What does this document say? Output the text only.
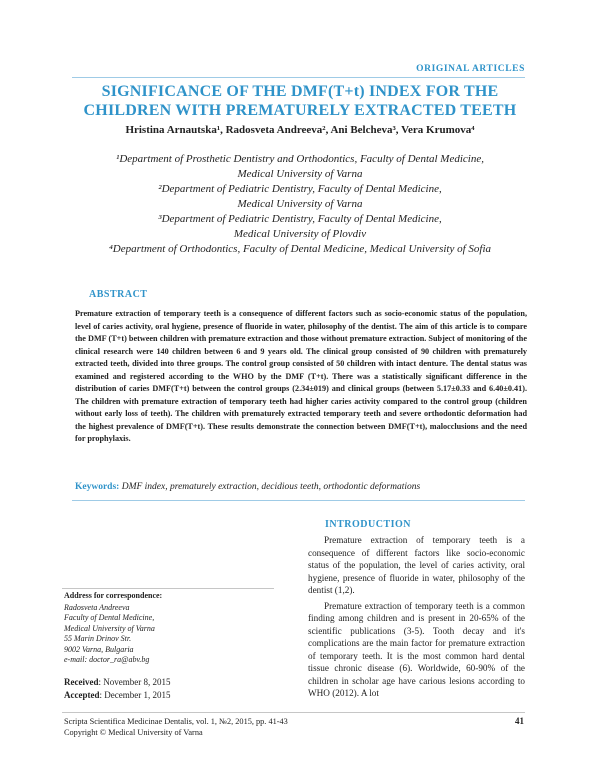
ORIGINAL ARTICLES
SIGNIFICANCE OF THE DMF(T+t) INDEX FOR THE
CHILDREN WITH PREMATURELY EXTRACTED TEETH
Hristina Arnautska¹, Radosveta Andreeva², Ani Belcheva³, Vera Krumova⁴
¹Department of Prosthetic Dentistry and Orthodontics, Faculty of Dental Medicine,
Medical University of Varna
²Department of Pediatric Dentistry, Faculty of Dental Medicine,
Medical University of Varna
³Department of Pediatric Dentistry, Faculty of Dental Medicine,
Medical University of Plovdiv
⁴Department of Orthodontics, Faculty of Dental Medicine, Medical University of Sofia
ABSTRACT
Premature extraction of temporary teeth is a consequence of different factors such as socio-economic status of the population, level of caries activity, oral hygiene, presence of fluoride in water, philosophy of the dentist. The aim of this article is to compare the DMF (T+t) between children with premature extraction and those without premature extraction. Subject of monitoring of the clinical research were 140 children between 6 and 9 years old. The clinical group consisted of 90 children with prematurely extracted teeth, divided into three groups. The control group consisted of 50 children with intact denture. The dental status was examined and registered according to the WHO by the DMF (T+t). There was a statistically significant difference in the distribution of caries DMF(T+t) between the control groups (2.34±019) and clinical groups (between 5.17±0.33 and 6.40±0.41). The children with premature extraction of temporary teeth had higher caries activity compared to the control group (children without early loss of teeth). The children with prematurely extracted temporary teeth and severe orthodontic deformation had the highest prevalence of DMF(T+t). These results demonstrate the connection between DMF(T+t), malocclusions and the need for prophylaxis.
Keywords: DMF index, prematurely extraction, decidious teeth, orthodontic deformations
INTRODUCTION

Premature extraction of temporary teeth is a consequence of different factors like socio-economic status of the population, the level of caries activity, oral hygiene, presence of fluoride in water, philosophy of the dentist (1,2).

Premature extraction of temporary teeth is a common finding among children and is present in 20-65% of the scientific publications (3-5). Tooth decay and it's complications are the main factor for premature extraction of temporary teeth. It is the most common hard dental tissue chronic disease (6). Worldwide, 60-90% of the children in scholar age have carious lesions according to WHO (2012). A lot

Address for correspondence:
Radosveta Andreeva
Faculty of Dental Medicine,
Medical University of Varna
55 Marin Drinov Str.
9002 Varna, Bulgaria
e-mail: doctor_ra@abv.bg
Received: November 8, 2015
Accepted: December 1, 2015
Scripta Scientifica Medicinae Dentalis, vol. 1, №2, 2015, pp. 41-43
Copyright © Medical University of Varna
41
